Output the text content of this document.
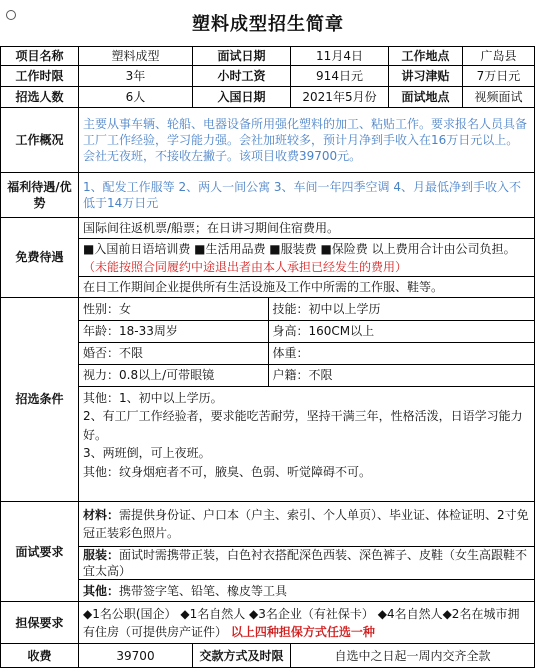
塑料成型招生简章
项目名称	塑料成型	面试日期	11月4日	工作地点	广岛县
工作时限	3年	小时工资	914日元	讲习津贴	7万日元
招选人数	6人	入国日期	2021年5月份	面试地点	视频面试
工作概况	主要从事车辆、轮船、电器设备所用强化塑料的加工、粘贴工作。要求报名人员具备工厂工作经验，学习能力强。会社加班较多，预计月净到手收入在16万日元以上。会社无夜班，不接收左撇子。该项目收费39700元。
福利待遇/优势	1、配发工作服等 2、两人一间公寓 3、车间一年四季空调 4、月最低净到手收入不低于14万日元
免费待遇	
国际间往返机票/船票；在日讲习期间住宿费用。
■入国前日语培训费 ■生活用品费 ■服装费 ■保险费 以上费用合计由公司负担。
（未能按照合同履约中途退出者由本人承担已经发生的费用）
在日工作期间企业提供所有生活设施及工作中所需的工作服、鞋等。

招选条件	
性别：女	技能：初中以上学历
年龄：18-33周岁	身高：160CM以上
婚否：不限	体重：
视力：0.8以上/可带眼镜	户籍：不限

其他：1、初中以上学历。
2、有工厂工作经验者，要求能吃苦耐劳，坚持干满三年，性格活泼，日语学习能力好。
3、两班倒，可上夜班。
其他：纹身烟疤者不可，腋臭、色弱、听觉障碍不可。

面试要求	
材料：需提供身份证、户口本（户主、索引、个人单页）、毕业证、体检证明、2寸免冠正装彩色照片。
服装：面试时需携带正装，白色衬衣搭配深色西装、深色裤子、皮鞋（女生高跟鞋不宜太高）
其他：携带签字笔、铅笔、橡皮等工具

担保要求	◆1名公职(国企） ◆1名自然人 ◆3名企业（有社保卡） ◆4名自然人◆2名在城市拥有住房（可提供房产证件） 以上四种担保方式任选一种
收费	39700	交款方式及时限	自选中之日起一周内交齐全款
